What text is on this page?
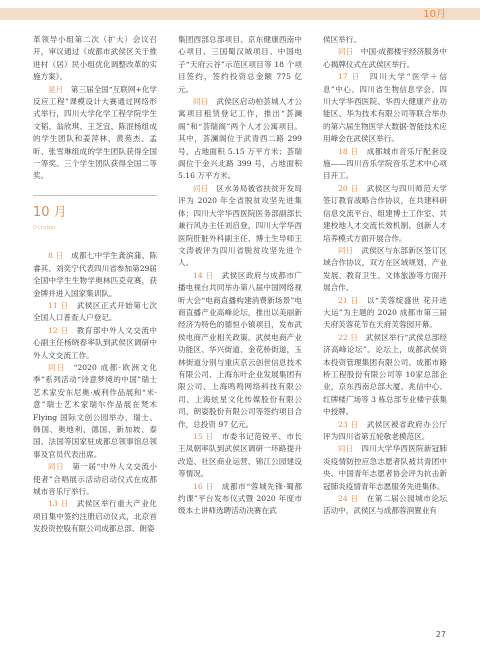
10月

革领导小组第二次（扩大）会议召开，审议通过《成都市武侯区关于推进村（居）民小组优化调整改革的实施方案》。

是月  第三届全国“互联网+化学反应工程”课模设计大赛通过网络形式举行，四川大学化学工程学院学生文韬、翁欣琪、王芝宜、陈泯杨组成的学生团队和姜萍林、黄苑杰、孟昕、张雪琳组成的学生团队获得全国一等奖。三个学生团队获得全国二等奖。

10 月
October

8 日  成都七中学生龚滨蒲、陈睿其、刘奕宁代表四川省参加第29届全国中学生生物学奥林匹克竞赛，获金牌并进入国家集训队。

11 日  武侯区正式开始第七次全国人口普查人户登记。

12 日  教育部中外人文交流中心副主任杨晓春率队到武侯区调研中外人文交流工作。

同日  “2020 成都·欧洲文化季”系列活动“诗意梦境的中国”瑞士艺术家安东尼奥·威利作品展和“米·意”瑞士艺术家瑞尔作品展在梵木 Flying 国际文创公园举办，瑞士、韩国、奥地利、德国、新加坡、泰国、法国等国家驻成都总领事馆总领事及官员代表出席。

同日  第一届“中外人文交流小使者”合唱展示活动启动仪式在成都城市音乐厅举行。

13 日  武侯区举行重大产业化项目集中签约注册启动仪式，北京首发投资控股有限公司成都总部、朗姿

集团西部总部项目、京东健康西南中心项目、三国蜀汉城项目、中国电子“天府云谷”示范区项目等 18 个项目签约，签约投资总金额 775 亿元。

同日  武侯区启动柏荟城人才公寓项目租赁登记工作，推出“荟澜阁”和“荟瑞阁”两个人才公寓项目。其中，荟澜阁位于武青西二路 299 号，占地面积 5.15 万平方米；荟瑞阁位于金兴北路 399 号，占地面积 5.16 万平方米。

同日  区水务局被省扶贫开发局评为 2020 年全省脱贫攻坚先进集体；四川大学华西医院医务部副部长兼行风办主任刘启登，四川大学华西医院肝脏外科副主任、博士生导师王文涛被评为四川省脱贫攻坚先进个人。

14 日  武侯区政府与成都市广播电视台共同举办第八届中国网络视听大会“电商直播构建消费新场景”电商直播产业高峰论坛，推出以美丽新经济为特色的德恒小镇项目，发布武侯电商产业相关政策。武侯电商产业功能区、华兴街道、金花桥街道，玉林街道分别与重庆京云创世信息技术有限公司、上海东叶企业发展集团有限公司、上海鸣鸣网络科技有限公司、上海炫星文化传媒股份有限公司、朗姿股份有限公司等签约项目合作，总投资 97 亿元。

15 日  市委书记范锐平、市长王凤朝率队到武侯区调研一环路提升改造、社区商业运营、锦江公园建设等情况。

16 日  成都市“蓉城先锋·蜀都约课”平台发布仪式暨 2020 年度市级本土讲师选聘活动决赛在武

侯区举行。

同日  中国·成都楼宇经济服务中心揭牌仪式在武侯区举行。

17 日  四川大学“医学＋信息”中心、四川省生物信息学会、四川大学华西医院、华西大健康产业功能区、华为技术有限公司等联合举办的第六届生物医学大数据·智能技术应用峰会在武侯区举行。

18 日  成都城市音乐厅配套设施——四川音乐学院音乐艺术中心项目开工。

20 日  武侯区与四川师范大学签订教育战略合作协议，在共建科研信息交流平台、组建博士工作室、共建校地人才交流长效机制、创新人才培养模式方面开展合作。

同日  武侯区与东部新区签订区域合作协议，双方在区域规划、产业发展、教育卫生、文体旅游等方面开展合作。

21 日  以“芙蓉绽盛世 花开进大运”为主题的 2020 成都市第三届天府芙蓉花节在天府芙蓉园开幕。

22 日  武侯区举行“武侯总部经济高峰论坛”。论坛上，成都武侯资本投资管理集团有限公司、成都市路桥工程股份有限公司等 10家总部企业，京东西南总部大厦、兆信中心、红牌楼广场等 3 栋总部专业楼宇获集中授牌。

23 日  武侯区被省政府办公厅评为四川省第五轮敬老模范区。

同日  四川大学华西医院新冠肺炎疫情防控应急志愿者队被共青团中央、中国青年志愿者协会评为抗击新冠肺炎疫情青年志愿服务先进集体。

24 日  在第二届公园城市论坛活动中，武侯区与成都蓉润置业有

27
